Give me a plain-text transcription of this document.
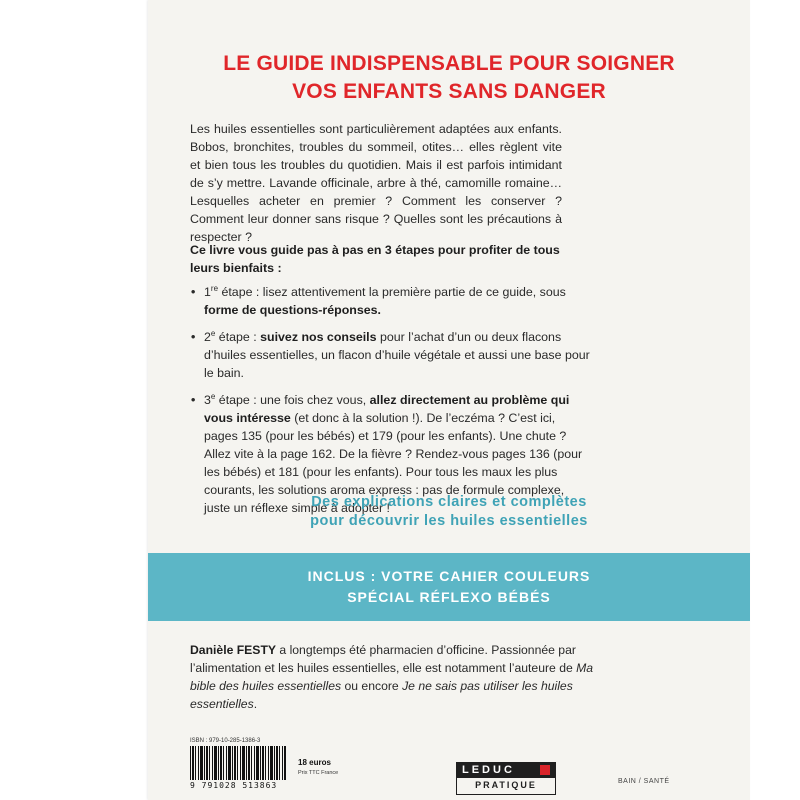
LE GUIDE INDISPENSABLE POUR SOIGNER
VOS ENFANTS SANS DANGER

Les huiles essentielles sont particulièrement adaptées aux enfants. Bobos, bronchites, troubles du sommeil, otites… elles règlent vite et bien tous les troubles du quotidien. Mais il est parfois intimidant de s’y mettre. Lavande officinale, arbre à thé, camomille romaine… Lesquelles acheter en premier ? Comment les conserver ? Comment leur donner sans risque ? Quelles sont les précautions à respecter ?

Ce livre vous guide pas à pas en 3 étapes pour profiter de tous leurs bienfaits :

• 1re étape : lisez attentivement la première partie de ce guide, sous forme de questions-réponses.
• 2e étape : suivez nos conseils pour l’achat d’un ou deux flacons d’huiles essentielles, un flacon d’huile végétale et aussi une base pour le bain.
• 3e étape : une fois chez vous, allez directement au problème qui vous intéresse (et donc à la solution !). De l’eczéma ? C’est ici, pages 135 (pour les bébés) et 179 (pour les enfants). Une chute ? Allez vite à la page 162. De la fièvre ? Rendez-vous pages 136 (pour les bébés) et 181 (pour les enfants). Pour tous les maux les plus courants, les solutions aroma express : pas de formule complexe, juste un réflexe simple à adopter !
Des explications claires et complètes
pour découvrir les huiles essentielles
INCLUS : VOTRE CAHIER COULEURS
SPÉCIAL RÉFLEXO BÉBÉS

Danièle FESTY a longtemps été pharmacien d’officine. Passionnée par l’alimentation et les huiles essentielles, elle est notamment l’auteure de Ma bible des huiles essentielles ou encore Je ne sais pas utiliser les huiles essentielles.

ISBN : 979-10-285-1386-3
9 791028 513863
18 euros
Prix TTC France	LEDUC
PRATIQUE	BAIN / SANTÉ
